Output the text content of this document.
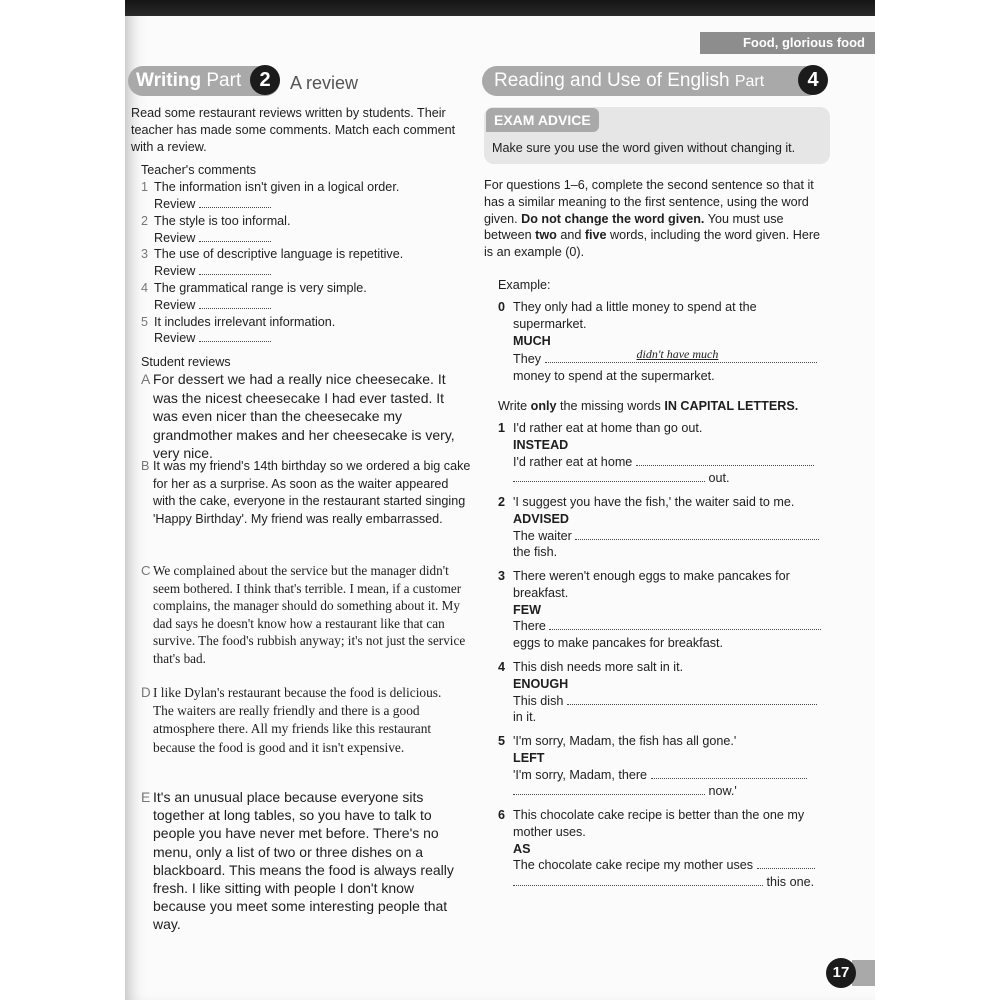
Food, glorious food
Writing Part 2	A review
Read some restaurant reviews written by students. Their teacher has made some comments. Match each comment with a review.
Teacher's comments
1 The information isn't given in a logical order.
Review
2 The style is too informal.
Review
3 The use of descriptive language is repetitive.
Review
4 The grammatical range is very simple.
Review
5 It includes irrelevant information.
Review
Student reviews
A For dessert we had a really nice cheesecake. It was the nicest cheesecake I had ever tasted. It was even nicer than the cheesecake my grandmother makes and her cheesecake is very, very nice.
B It was my friend's 14th birthday so we ordered a big cake for her as a surprise. As soon as the waiter appeared with the cake, everyone in the restaurant started singing 'Happy Birthday'. My friend was really embarrassed.
C We complained about the service but the manager didn't seem bothered. I think that's terrible. I mean, if a customer complains, the manager should do something about it. My dad says he doesn't know how a restaurant like that can survive. The food's rubbish anyway; it's not just the service that's bad.
D I like Dylan's restaurant because the food is delicious. The waiters are really friendly and there is a good atmosphere there. All my friends like this restaurant because the food is good and it isn't expensive.
E It's an unusual place because everyone sits together at long tables, so you have to talk to people you have never met before. There's no menu, only a list of two or three dishes on a blackboard. This means the food is always really fresh. I like sitting with people I don't know because you meet some interesting people that way.
Reading and Use of English Part	4
EXAM ADVICE
Make sure you use the word given without changing it.
For questions 1–6, complete the second sentence so that it has a similar meaning to the first sentence, using the word given. Do not change the word given. You must use between two and five words, including the word given. Here is an example (0).
Example:
0 They only had a little money to spend at the supermarket.
MUCH
They	didn't have much
money to spend at the supermarket.
Write only the missing words IN CAPITAL LETTERS.
1 I'd rather eat at home than go out.
INSTEAD
I'd rather eat at home
out.
2 'I suggest you have the fish,' the waiter said to me.
ADVISED
The waiter
the fish.
3 There weren't enough eggs to make pancakes for breakfast.
FEW
There
eggs to make pancakes for breakfast.
4 This dish needs more salt in it.
ENOUGH
This dish
in it.
5 'I'm sorry, Madam, the fish has all gone.'
LEFT
'I'm sorry, Madam, there
now.'
6 This chocolate cake recipe is better than the one my mother uses.
AS
The chocolate cake recipe my mother uses
this one.
17
